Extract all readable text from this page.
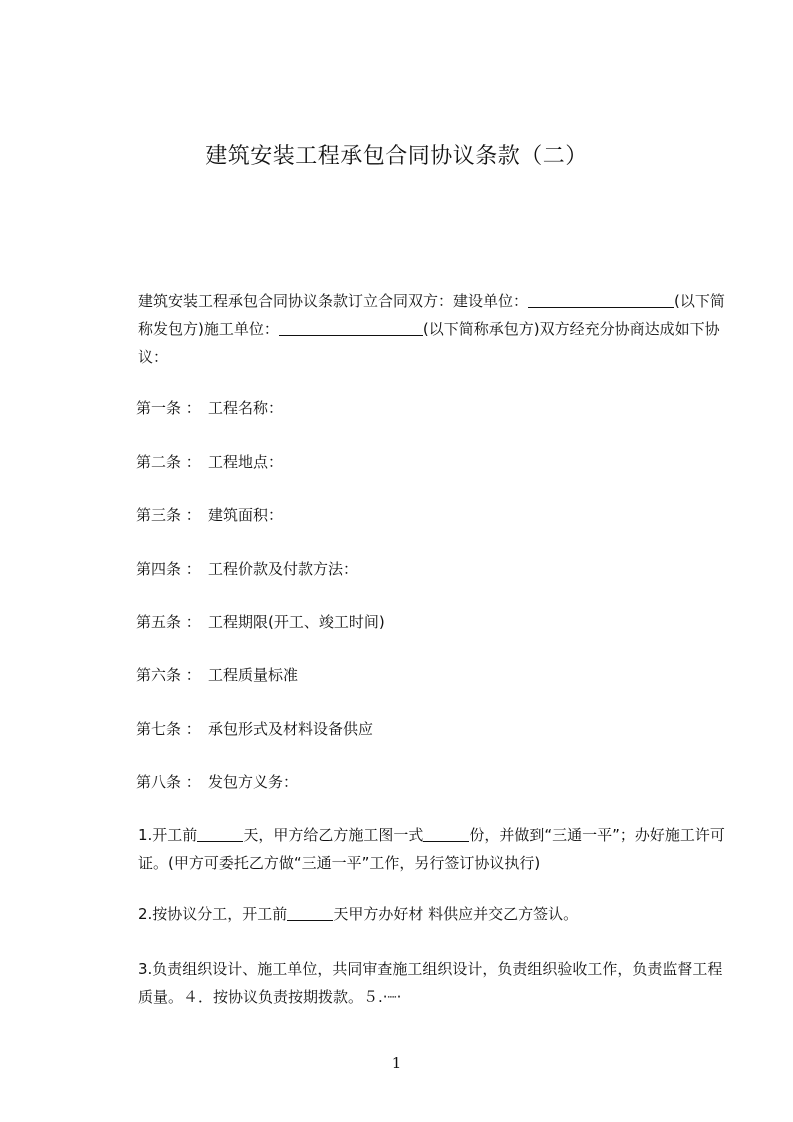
建筑安装工程承包合同协议条款（二）
建筑安装工程承包合同协议条款订立合同双方：建设单位：	(以下简称发包方)施工单位：	(以下简称承包方)双方经充分协商达成如下协议：
第一条 ： 工程名称：
第二条 ： 工程地点：
第三条 ： 建筑面积：
第四条 ： 工程价款及付款方法：
第五条 ： 工程期限(开工、竣工时间)
第六条 ： 工程质量标准
第七条 ： 承包形式及材料设备供应
第八条 ： 发包方义务：
1.开工前	天，甲方给乙方施工图一式	份，并做到“三通一平”；办好施工许可证。(甲方可委托乙方做“三通一平”工作，另行签订协议执行)
2.按协议分工，开工前	天甲方办好材 料供应并交乙方签认。
3.负责组织设计、施工单位，共同审查施工组织设计，负责组织验收工作，负责监督工程质量。４．按协议负责按期拨款。５.·┈·
1
